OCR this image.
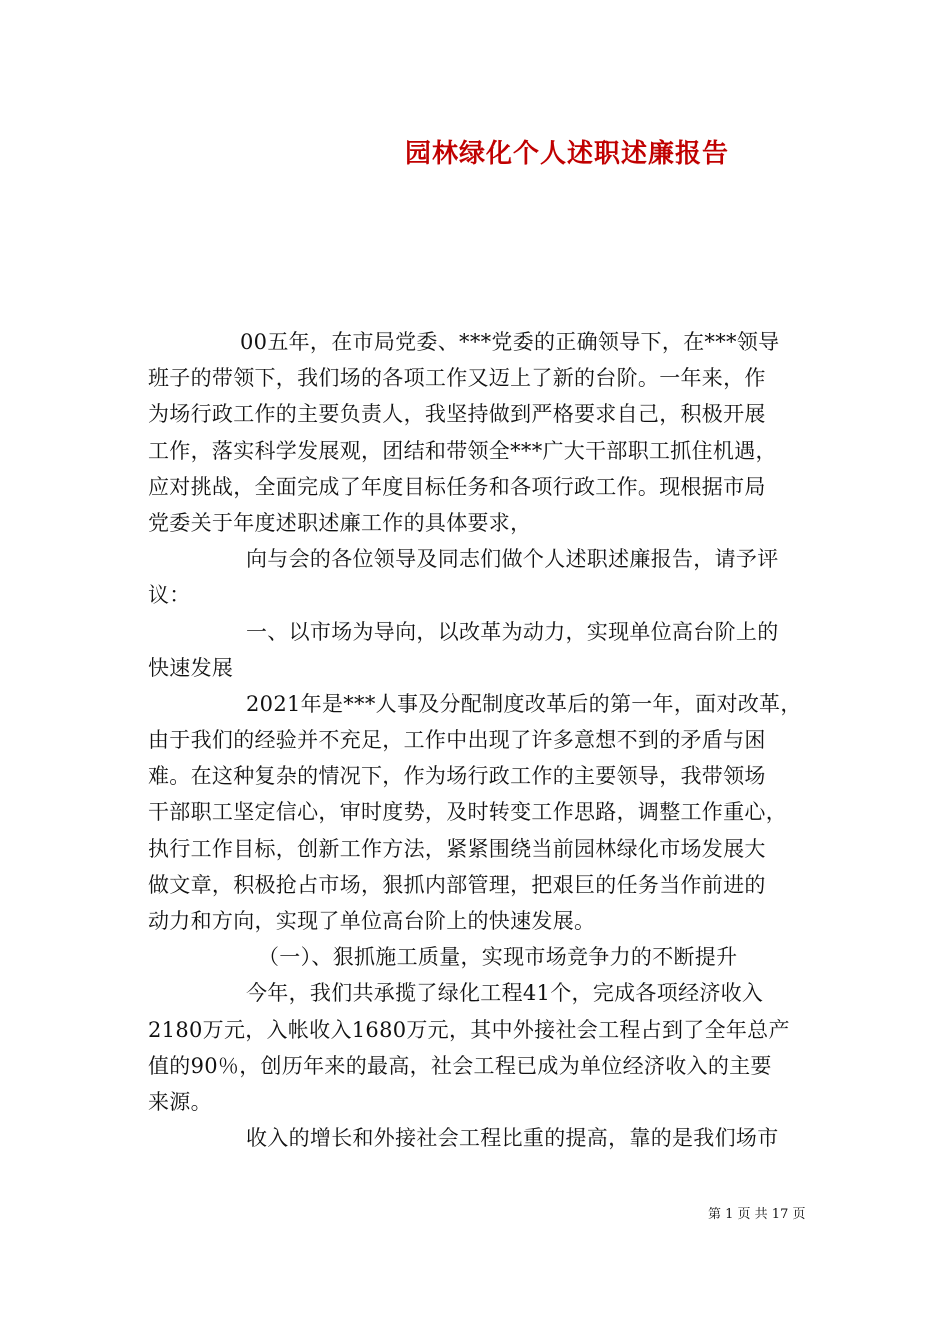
园林绿化个人述职述廉报告
00五年，在市局党委、***党委的正确领导下，在***领导
班子的带领下，我们场的各项工作又迈上了新的台阶。一年来，作
为场行政工作的主要负责人，我坚持做到严格要求自己，积极开展
工作，落实科学发展观，团结和带领全***广大干部职工抓住机遇，
应对挑战，全面完成了年度目标任务和各项行政工作。现根据市局
党委关于年度述职述廉工作的具体要求，
向与会的各位领导及同志们做个人述职述廉报告，请予评
议：
一、以市场为导向，以改革为动力，实现单位高台阶上的
快速发展
2021年是***人事及分配制度改革后的第一年，面对改革，
由于我们的经验并不充足，工作中出现了许多意想不到的矛盾与困
难。在这种复杂的情况下，作为场行政工作的主要领导，我带领场
干部职工坚定信心，审时度势，及时转变工作思路，调整工作重心，
执行工作目标，创新工作方法，紧紧围绕当前园林绿化市场发展大
做文章，积极抢占市场，狠抓内部管理，把艰巨的任务当作前进的
动力和方向，实现了单位高台阶上的快速发展。
（一）、狠抓施工质量，实现市场竞争力的不断提升
今年，我们共承揽了绿化工程41个，完成各项经济收入
2180万元，入帐收入1680万元，其中外接社会工程占到了全年总产
值的90％，创历年来的最高，社会工程已成为单位经济收入的主要
来源。
收入的增长和外接社会工程比重的提高，靠的是我们场市
第 1 页 共 17 页
